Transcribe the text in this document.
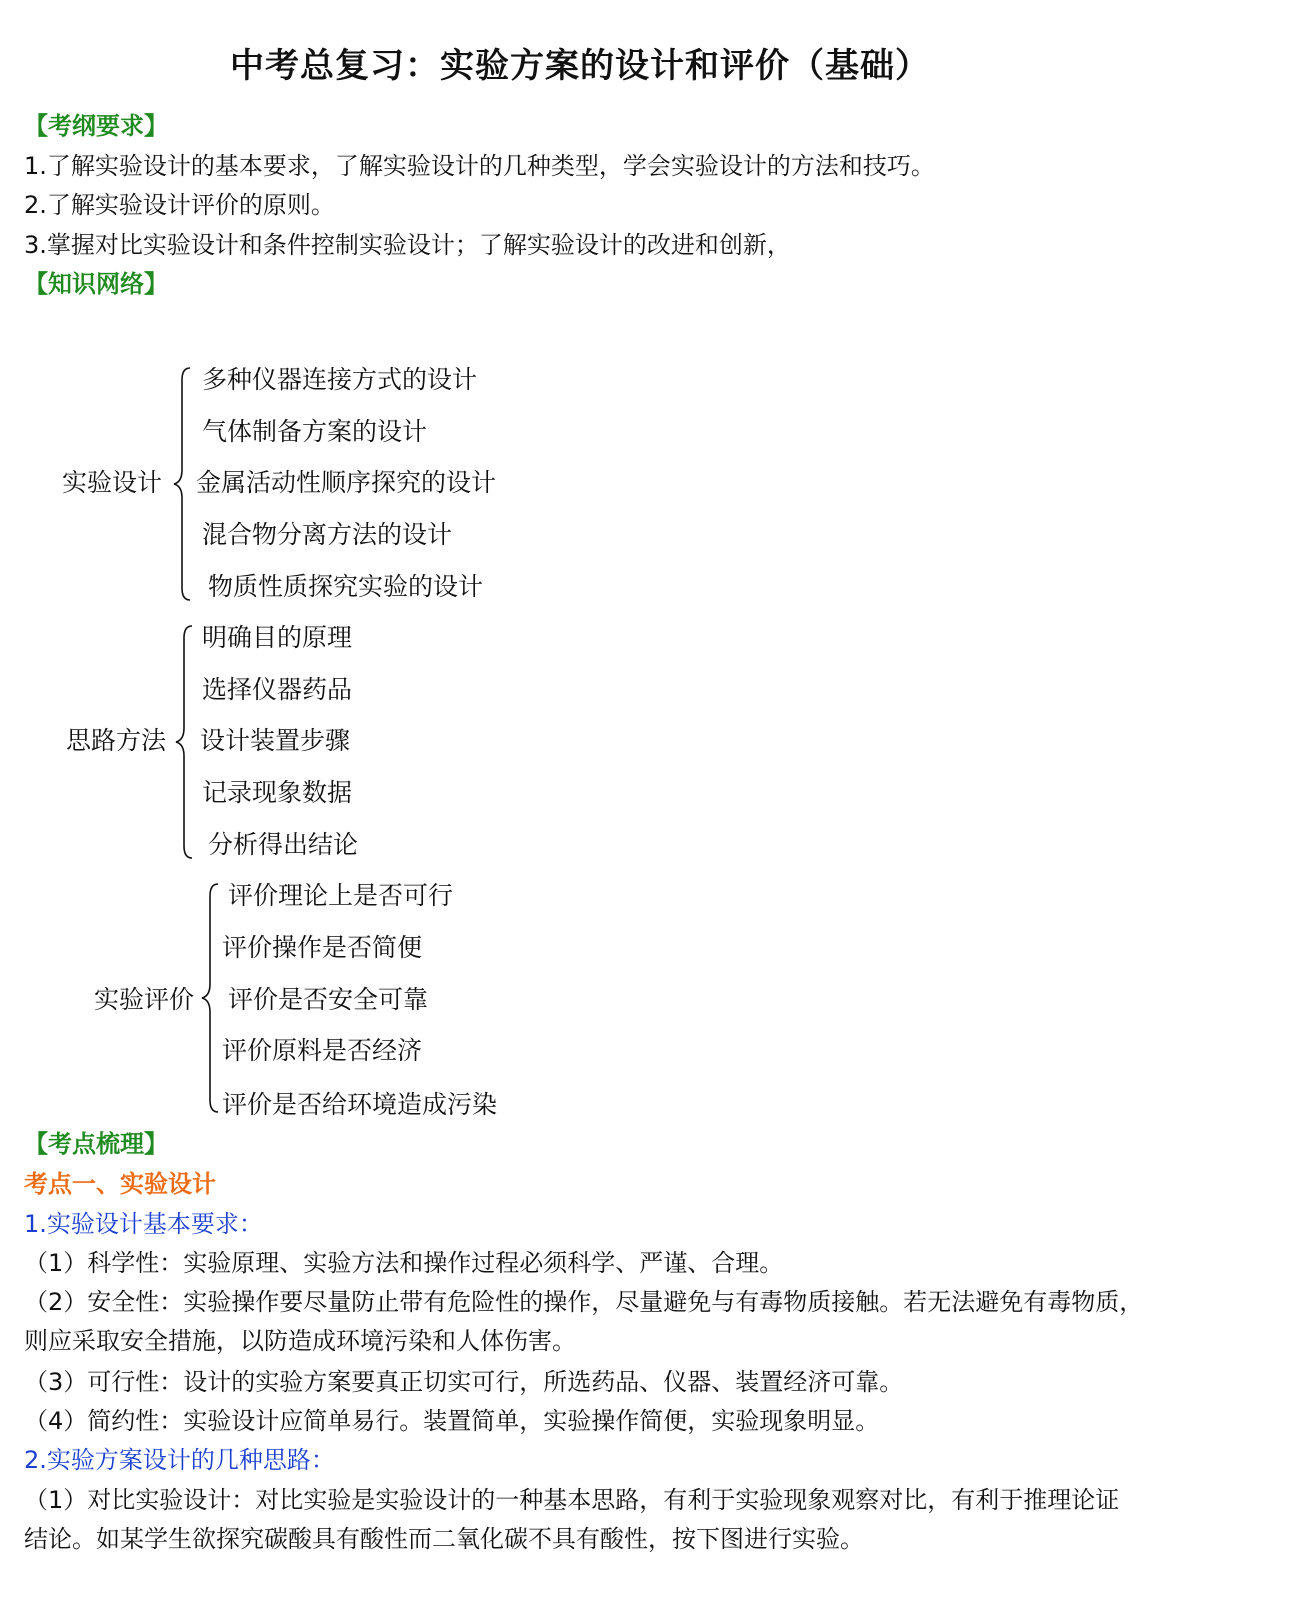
中考总复习：实验方案的设计和评价（基础）
【考纲要求】
1.了解实验设计的基本要求，了解实验设计的几种类型，学会实验设计的方法和技巧。
2.了解实验设计评价的原则。
3.掌握对比实验设计和条件控制实验设计；了解实验设计的改进和创新，
【知识网络】
实验设计
多种仪器连接方式的设计
气体制备方案的设计
金属活动性顺序探究的设计
混合物分离方法的设计
物质性质探究实验的设计
思路方法
明确目的原理
选择仪器药品
设计装置步骤
记录现象数据
分析得出结论
实验评价
评价理论上是否可行
评价操作是否简便
评价是否安全可靠
评价原料是否经济
评价是否给环境造成污染
【考点梳理】
考点一、实验设计
1.实验设计基本要求：
（1）科学性：实验原理、实验方法和操作过程必须科学、严谨、合理。
（2）安全性：实验操作要尽量防止带有危险性的操作，尽量避免与有毒物质接触。若无法避免有毒物质，
则应采取安全措施，以防造成环境污染和人体伤害。
（3）可行性：设计的实验方案要真正切实可行，所选药品、仪器、装置经济可靠。
（4）简约性：实验设计应简单易行。装置简单，实验操作简便，实验现象明显。
2.实验方案设计的几种思路：
（1）对比实验设计：对比实验是实验设计的一种基本思路，有利于实验现象观察对比，有利于推理论证
结论。如某学生欲探究碳酸具有酸性而二氧化碳不具有酸性，按下图进行实验。
